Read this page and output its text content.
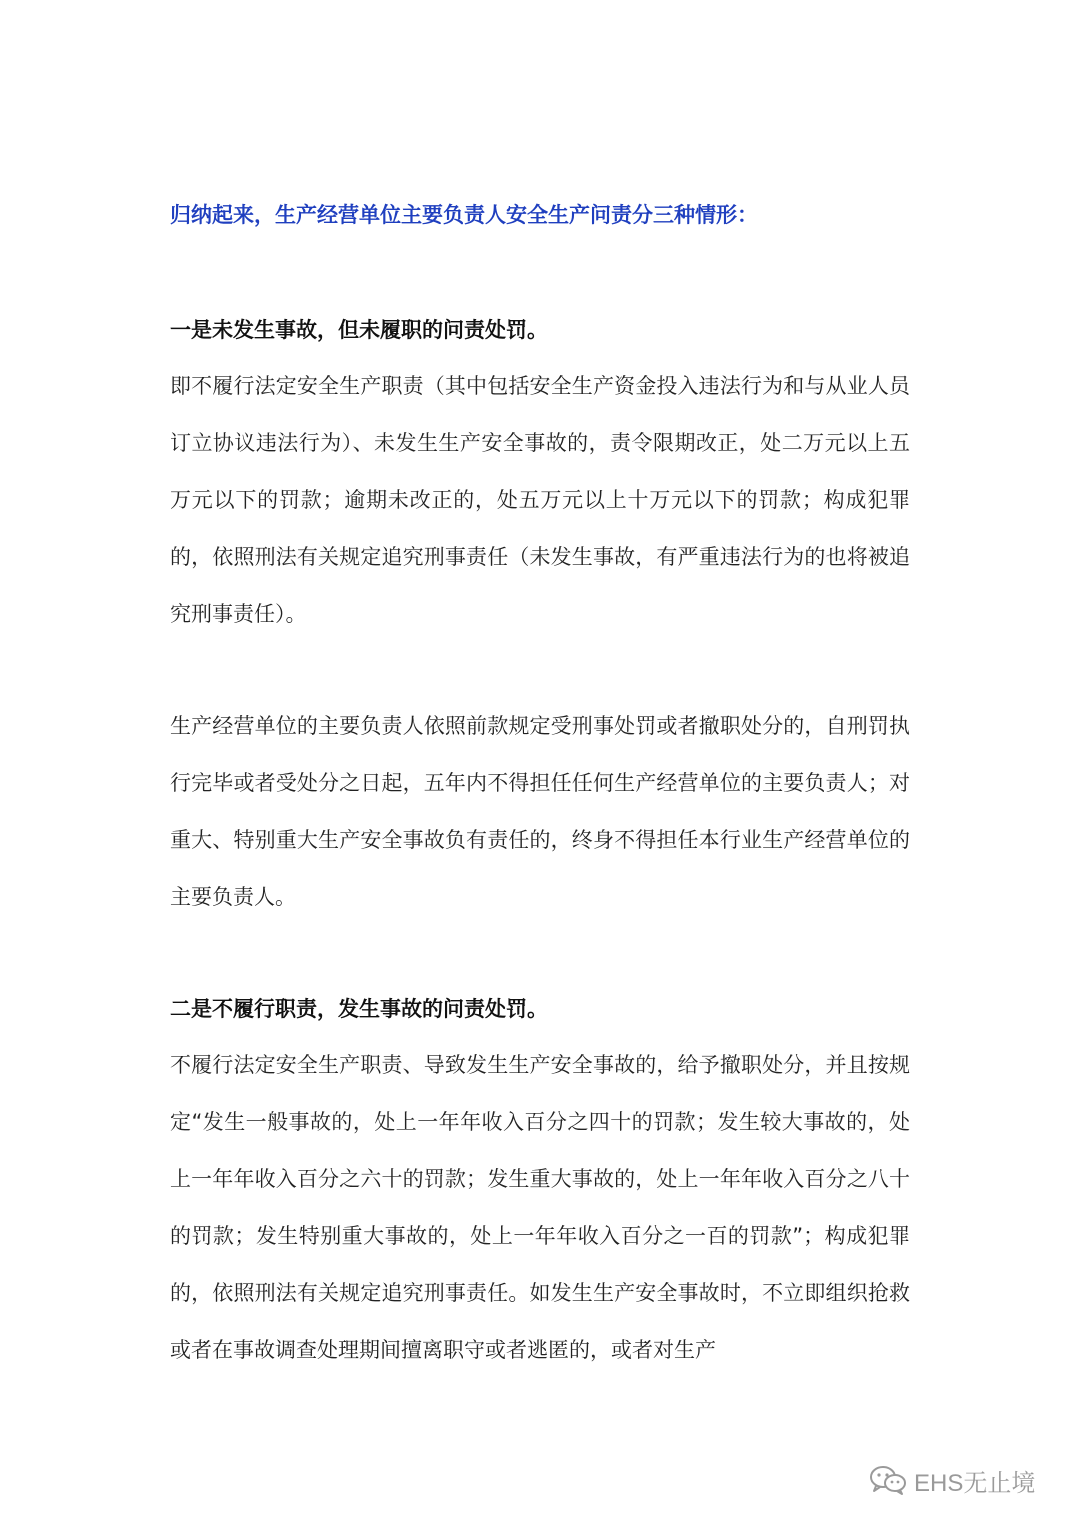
归纳起来，生产经营单位主要负责人安全生产问责分三种情形：

一是未发生事故，但未履职的问责处罚。

即不履行法定安全生产职责（其中包括安全生产资金投入违法行为和与从业人员订立协议违法行为）、未发生生产安全事故的，责令限期改正，处二万元以上五万元以下的罚款；逾期未改正的，处五万元以上十万元以下的罚款；构成犯罪的，依照刑法有关规定追究刑事责任（未发生事故，有严重违法行为的也将被追究刑事责任）。

生产经营单位的主要负责人依照前款规定受刑事处罚或者撤职处分的，自刑罚执行完毕或者受处分之日起，五年内不得担任任何生产经营单位的主要负责人；对重大、特别重大生产安全事故负有责任的，终身不得担任本行业生产经营单位的主要负责人。

二是不履行职责，发生事故的问责处罚。

不履行法定安全生产职责、导致发生生产安全事故的，给予撤职处分，并且按规定“发生一般事故的，处上一年年收入百分之四十的罚款；发生较大事故的，处上一年年收入百分之六十的罚款；发生重大事故的，处上一年年收入百分之八十的罚款；发生特别重大事故的，处上一年年收入百分之一百的罚款”；构成犯罪的，依照刑法有关规定追究刑事责任。如发生生产安全事故时，不立即组织抢救或者在事故调查处理期间擅离职守或者逃匿的，或者对生产

EHS无止境
